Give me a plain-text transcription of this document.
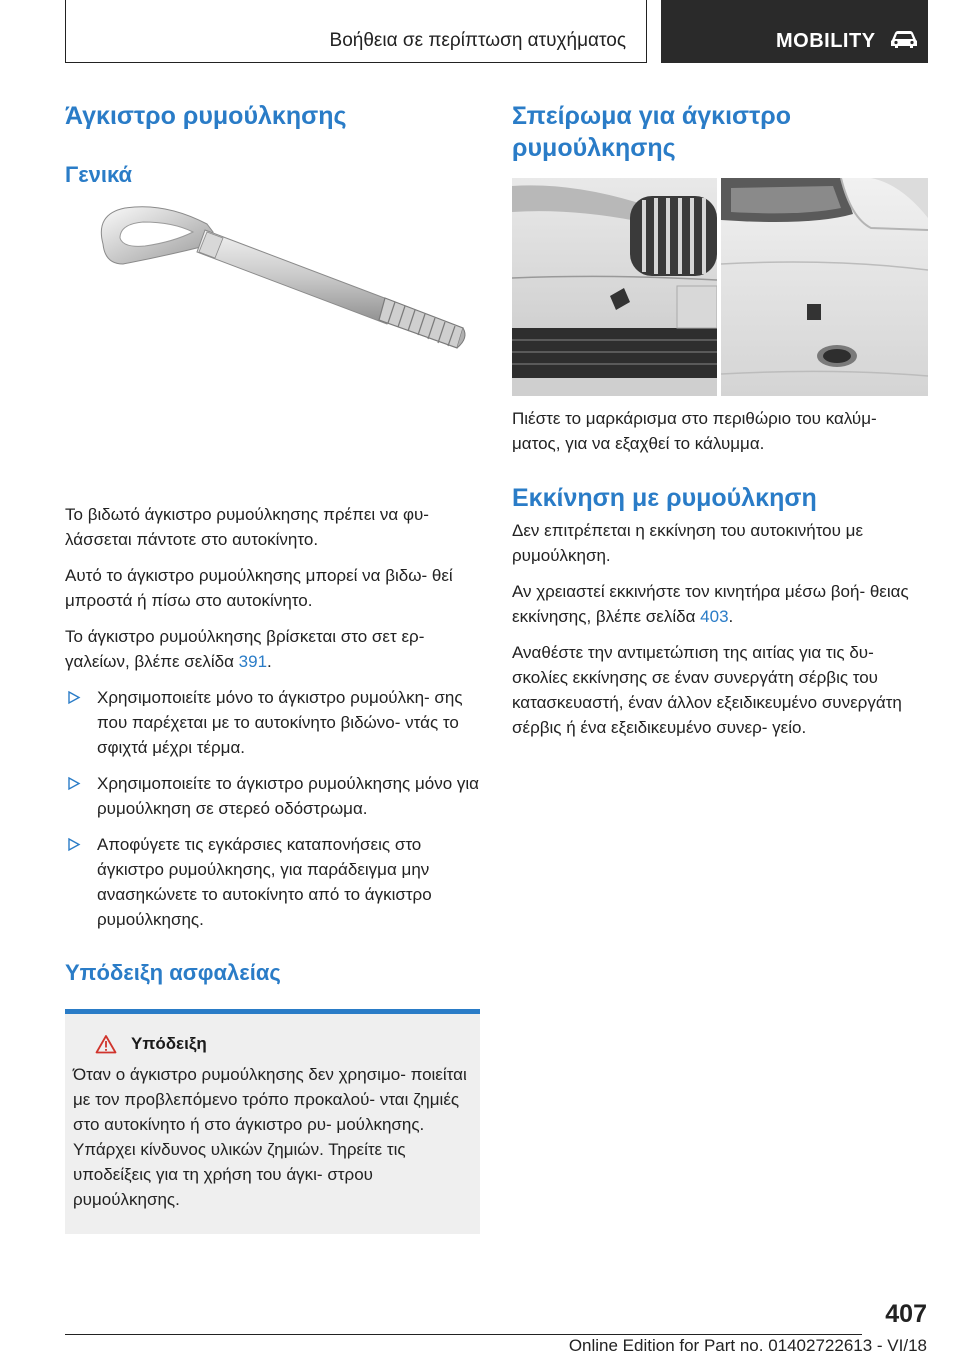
Βοήθεια σε περίπτωση ατυχήματος	MOBILITY
Άγκιστρο ρυμούλκησης
Γενικά

Το βιδωτό άγκιστρο ρυμούλκησης πρέπει να φυ- λάσσεται πάντοτε στο αυτοκίνητο.

Αυτό το άγκιστρο ρυμούλκησης μπορεί να βιδω- θεί μπροστά ή πίσω στο αυτοκίνητο.

Το άγκιστρο ρυμούλκησης βρίσκεται στο σετ ερ- γαλείων, βλέπε σελίδα 391.

Χρησιμοποιείτε μόνο το άγκιστρο ρυμούλκη- σης που παρέχεται με το αυτοκίνητο βιδώνο- ντάς το σφιχτά μέχρι τέρμα.
Χρησιμοποιείτε το άγκιστρο ρυμούλκησης μόνο για ρυμούλκηση σε στερεό οδόστρωμα.
Αποφύγετε τις εγκάρσιες καταπονήσεις στο άγκιστρο ρυμούλκησης, για παράδειγμα μην ανασηκώνετε το αυτοκίνητο από το άγκιστρο ρυμούλκησης.
Υπόδειξη ασφαλείας
Υπόδειξη

Όταν ο άγκιστρο ρυμούλκησης δεν χρησιμο- ποιείται με τον προβλεπόμενο τρόπο προκαλού- νται ζημιές στο αυτοκίνητο ή στο άγκιστρο ρυ- μούλκησης. Υπάρχει κίνδυνος υλικών ζημιών. Τηρείτε τις υποδείξεις για τη χρήση του άγκι- στρου ρυμούλκησης.

Σπείρωμα για άγκιστρο ρυμούλκησης

Πιέστε το μαρκάρισμα στο περιθώριο του καλύμ- ματος, για να εξαχθεί το κάλυμμα.

Εκκίνηση με ρυμούλκηση

Δεν επιτρέπεται η εκκίνηση του αυτοκινήτου με ρυμούλκηση.

Αν χρειαστεί εκκινήστε τον κινητήρα μέσω βοή- θειας εκκίνησης, βλέπε σελίδα 403.

Αναθέστε την αντιμετώπιση της αιτίας για τις δυ- σκολίες εκκίνησης σε έναν συνεργάτη σέρβις του κατασκευαστή, έναν άλλον εξειδικευμένο συνεργάτη σέρβις ή ένα εξειδικευμένο συνερ- γείο.

407
Online Edition for Part no. 01402722613 - VI/18
